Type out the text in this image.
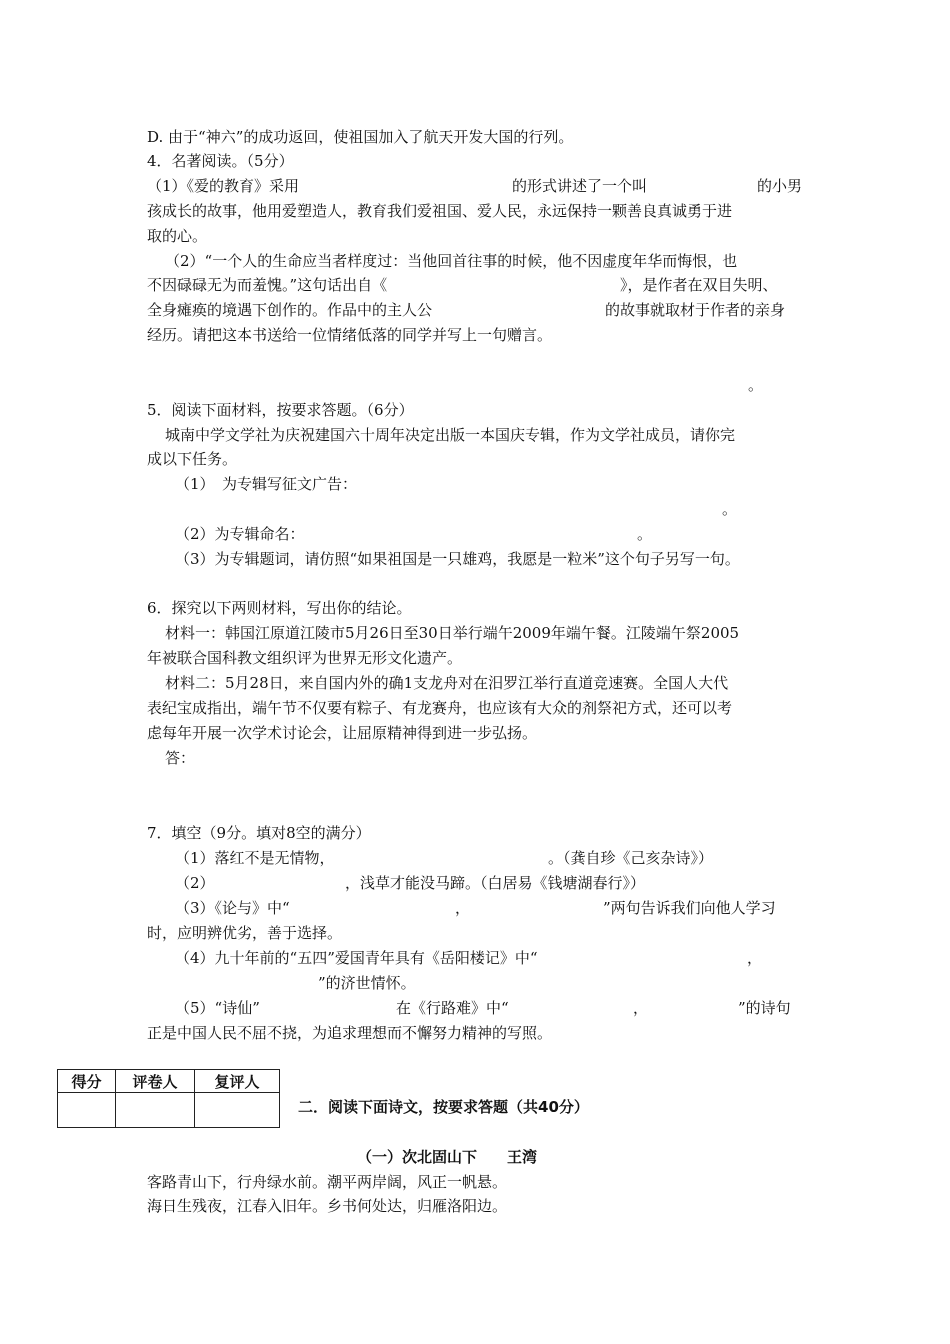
D. 由于“神六”的成功返回，使祖国加入了航天开发大国的行列。
4．名著阅读。（5分）
（1）《爱的教育》采用	的形式讲述了一个叫	的小男
孩成长的故事，他用爱塑造人，教育我们爱祖国、爱人民，永远保持一颗善良真诚勇于进
取的心。
（2）“一个人的生命应当者样度过：当他回首往事的时候，他不因虚度年华而悔恨，也
不因碌碌无为而羞愧。”这句话出自《	》，是作者在双目失明、
全身瘫痪的境遇下创作的。作品中的主人公	的故事就取材于作者的亲身
经历。请把这本书送给一位情绪低落的同学并写上一句赠言。
。
5．阅读下面材料，按要求答题。（6分）
城南中学文学社为庆祝建国六十周年决定出版一本国庆专辑，作为文学社成员，请你完
成以下任务。
（1）　为专辑写征文广告：
。
（2）为专辑命名：	。
（3）为专辑题词，请仿照“如果祖国是一只雄鸡，我愿是一粒米”这个句子另写一句。
6．探究以下两则材料，写出你的结论。
材料一：韩国江原道江陵市5月26日至30日举行端午2009年端午餐。江陵端午祭2005
年被联合国科教文组织评为世界无形文化遗产。
材料二：5月28日，来自国内外的确1支龙舟对在汨罗江举行直道竞速赛。全国人大代
表纪宝成指出，端午节不仅要有粽子、有龙赛舟，也应该有大众的剂祭祀方式，还可以考
虑每年开展一次学术讨论会，让屈原精神得到进一步弘扬。
答：
7．填空（9分。填对8空的满分）
（1）落红不是无情物，	。（龚自珍《己亥杂诗》）
（2）	，浅草才能没马蹄。（白居易《钱塘湖春行》）
（3）《论与》中“	，	”两句告诉我们向他人学习
时，应明辨优劣，善于选择。
（4）九十年前的“五四”爱国青年具有《岳阳楼记》中“	，
”的济世情怀。
（5）“诗仙”	在《行路难》中“	，	”的诗句
正是中国人民不屈不挠，为追求理想而不懈努力精神的写照。
得分	评卷人	复评人

二．阅读下面诗文，按要求答题（共40分）
（一）次北固山下　　王湾
客路青山下，行舟绿水前。潮平两岸阔，风正一帆悬。
海日生残夜，江春入旧年。乡书何处达，归雁洛阳边。
